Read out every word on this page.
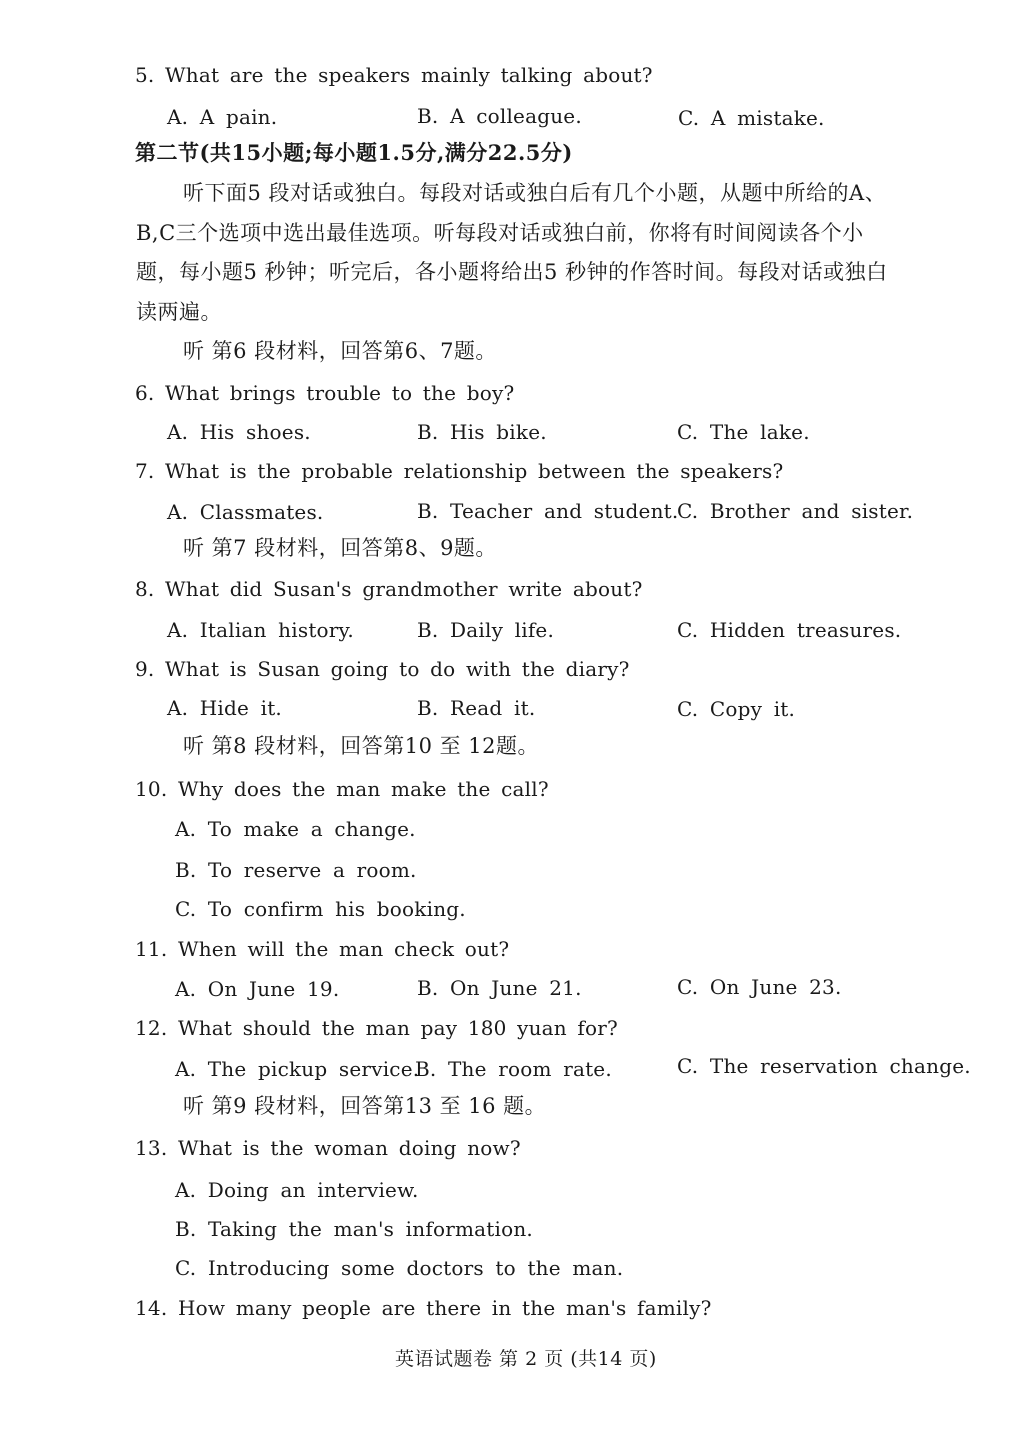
5. What are the speakers mainly talking about?
A. A pain.	B. A colleague.	C. A mistake.
第二节(共15小题;每小题1.5分,满分22.5分)
听下面5 段对话或独白。每段对话或独白后有几个小题，从题中所给的A、
B,C三个选项中选出最佳选项。听每段对话或独白前，你将有时间阅读各个小
题，每小题5 秒钟；听完后，各小题将给出5 秒钟的作答时间。每段对话或独白
读两遍。
听 第6 段材料，回答第6、7题。
6. What brings trouble to the boy?
A. His shoes.	B. His bike.	C. The lake.
7. What is the probable relationship between the speakers?
A. Classmates.	B. Teacher and student.
C. Brother and sister.
听 第7 段材料，回答第8、9题。
8. What did Susan's grandmother write about?
A. Italian history.	B. Daily life.	C. Hidden treasures.
9. What is Susan going to do with the diary?
A. Hide it.	B. Read it.	C. Copy it.
听 第8 段材料，回答第10 至 12题。
10. Why does the man make the call?
A. To make a change.
B. To reserve a room.
C. To confirm his booking.
11. When will the man check out?
A. On June 19.	B. On June 21.	C. On June 23.
12. What should the man pay 180 yuan for?
A. The pickup service.
B. The room rate.	C. The reservation change.
听 第9 段材料，回答第13 至 16 题。
13. What is the woman doing now?
A. Doing an interview.
B. Taking the man's information.
C. Introducing some doctors to the man.
14. How many people are there in the man's family?
英语试题卷 第 2 页 (共14 页)
